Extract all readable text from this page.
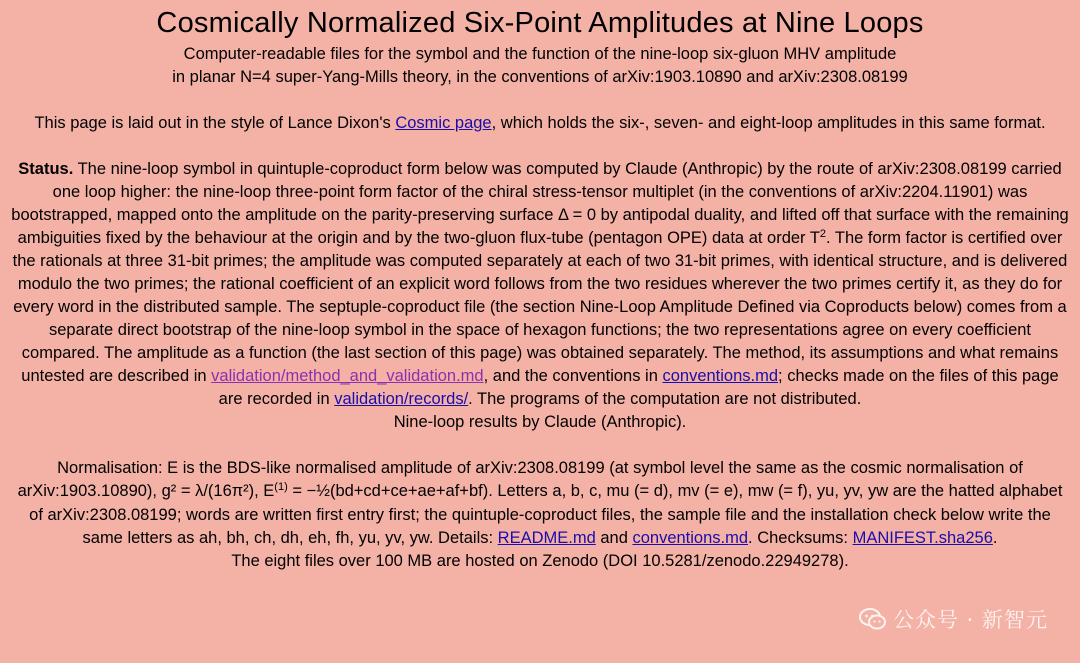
Cosmically Normalized Six-Point Amplitudes at Nine Loops

Computer-readable files for the symbol and the function of the nine-loop six-gluon MHV amplitude
in planar N=4 super-Yang-Mills theory, in the conventions of arXiv:1903.10890 and arXiv:2308.08199

This page is laid out in the style of Lance Dixon's Cosmic page, which holds the six-, seven- and eight-loop amplitudes in this same format.

Status. The nine-loop symbol in quintuple-coproduct form below was computed by Claude (Anthropic) by the route of arXiv:2308.08199 carried one loop higher: the nine-loop three-point form factor of the chiral stress-tensor multiplet (in the conventions of arXiv:2204.11901) was bootstrapped, mapped onto the amplitude on the parity-preserving surface Δ = 0 by antipodal duality, and lifted off that surface with the remaining ambiguities fixed by the behaviour at the origin and by the two-gluon flux-tube (pentagon OPE) data at order $T^2$. The form factor is certified over the rationals at three 31-bit primes; the amplitude was computed separately at each of two 31-bit primes, with identical structure, and is delivered modulo the two primes; the rational coefficient of an explicit word follows from the two residues wherever the two primes certify it, as they do for every word in the distributed sample. The septuple-coproduct file (the section Nine-Loop Amplitude Defined via Coproducts below) comes from a separate direct bootstrap of the nine-loop symbol in the space of hexagon functions; the two representations agree on every coefficient compared. The amplitude as a function (the last section of this page) was obtained separately. The method, its assumptions and what remains untested are described in validation/method_and_validation.md, and the conventions in conventions.md; checks made on the files of this page are recorded in validation/records/. The programs of the computation are not distributed.

Nine-loop results by Claude (Anthropic).

Normalisation: E is the BDS-like normalised amplitude of arXiv:2308.08199 (at symbol level the same as the cosmic normalisation of arXiv:1903.10890), g² = λ/(16π²), $E^{(1)}$ = −½(bd+cd+ce+ae+af+bf). Letters a, b, c, mu (= d), mv (= e), mw (= f), yu, yv, yw are the hatted alphabet of arXiv:2308.08199; words are written first entry first; the quintuple-coproduct files, the sample file and the installation check below write the same letters as ah, bh, ch, dh, eh, fh, yu, yv, yw. Details: README.md and conventions.md. Checksums: MANIFEST.sha256.
The eight files over 100 MB are hosted on Zenodo (DOI 10.5281/zenodo.22949278).

公众号 · 新智元
